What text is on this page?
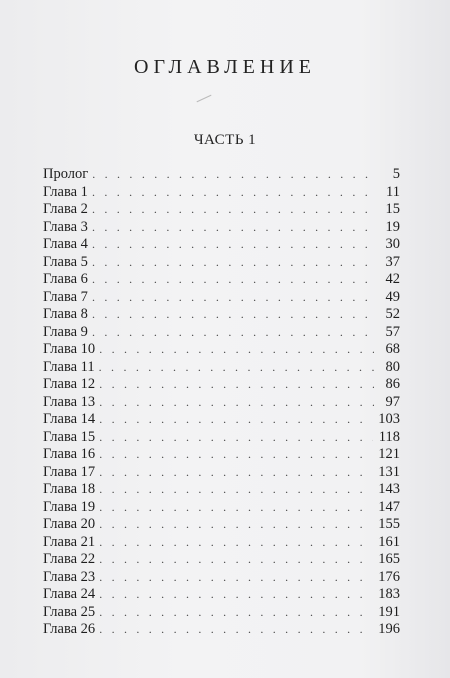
ОГЛАВЛЕНИЕ
ЧАСТЬ 1
Пролог . . .	5
Глава 1 . . .	11
Глава 2 . . .	15
Глава 3 . . .	19
Глава 4 . . .	30
Глава 5 . . .	37
Глава 6 . . .	42
Глава 7 . . .	49
Глава 8 . . .	52
Глава 9 . . .	57
Глава 10 . . .	68
Глава 11 . . .	80
Глава 12 . . .	86
Глава 13 . . .	97
Глава 14 . . .	103
Глава 15 . . .	118
Глава 16 . . .	121
Глава 17 . . .	131
Глава 18 . . .	143
Глава 19 . . .	147
Глава 20 . . .	155
Глава 21 . . .	161
Глава 22 . . .	165
Глава 23 . . .	176
Глава 24 . . .	183
Глава 25 . . .	191
Глава 26 . . .	196
